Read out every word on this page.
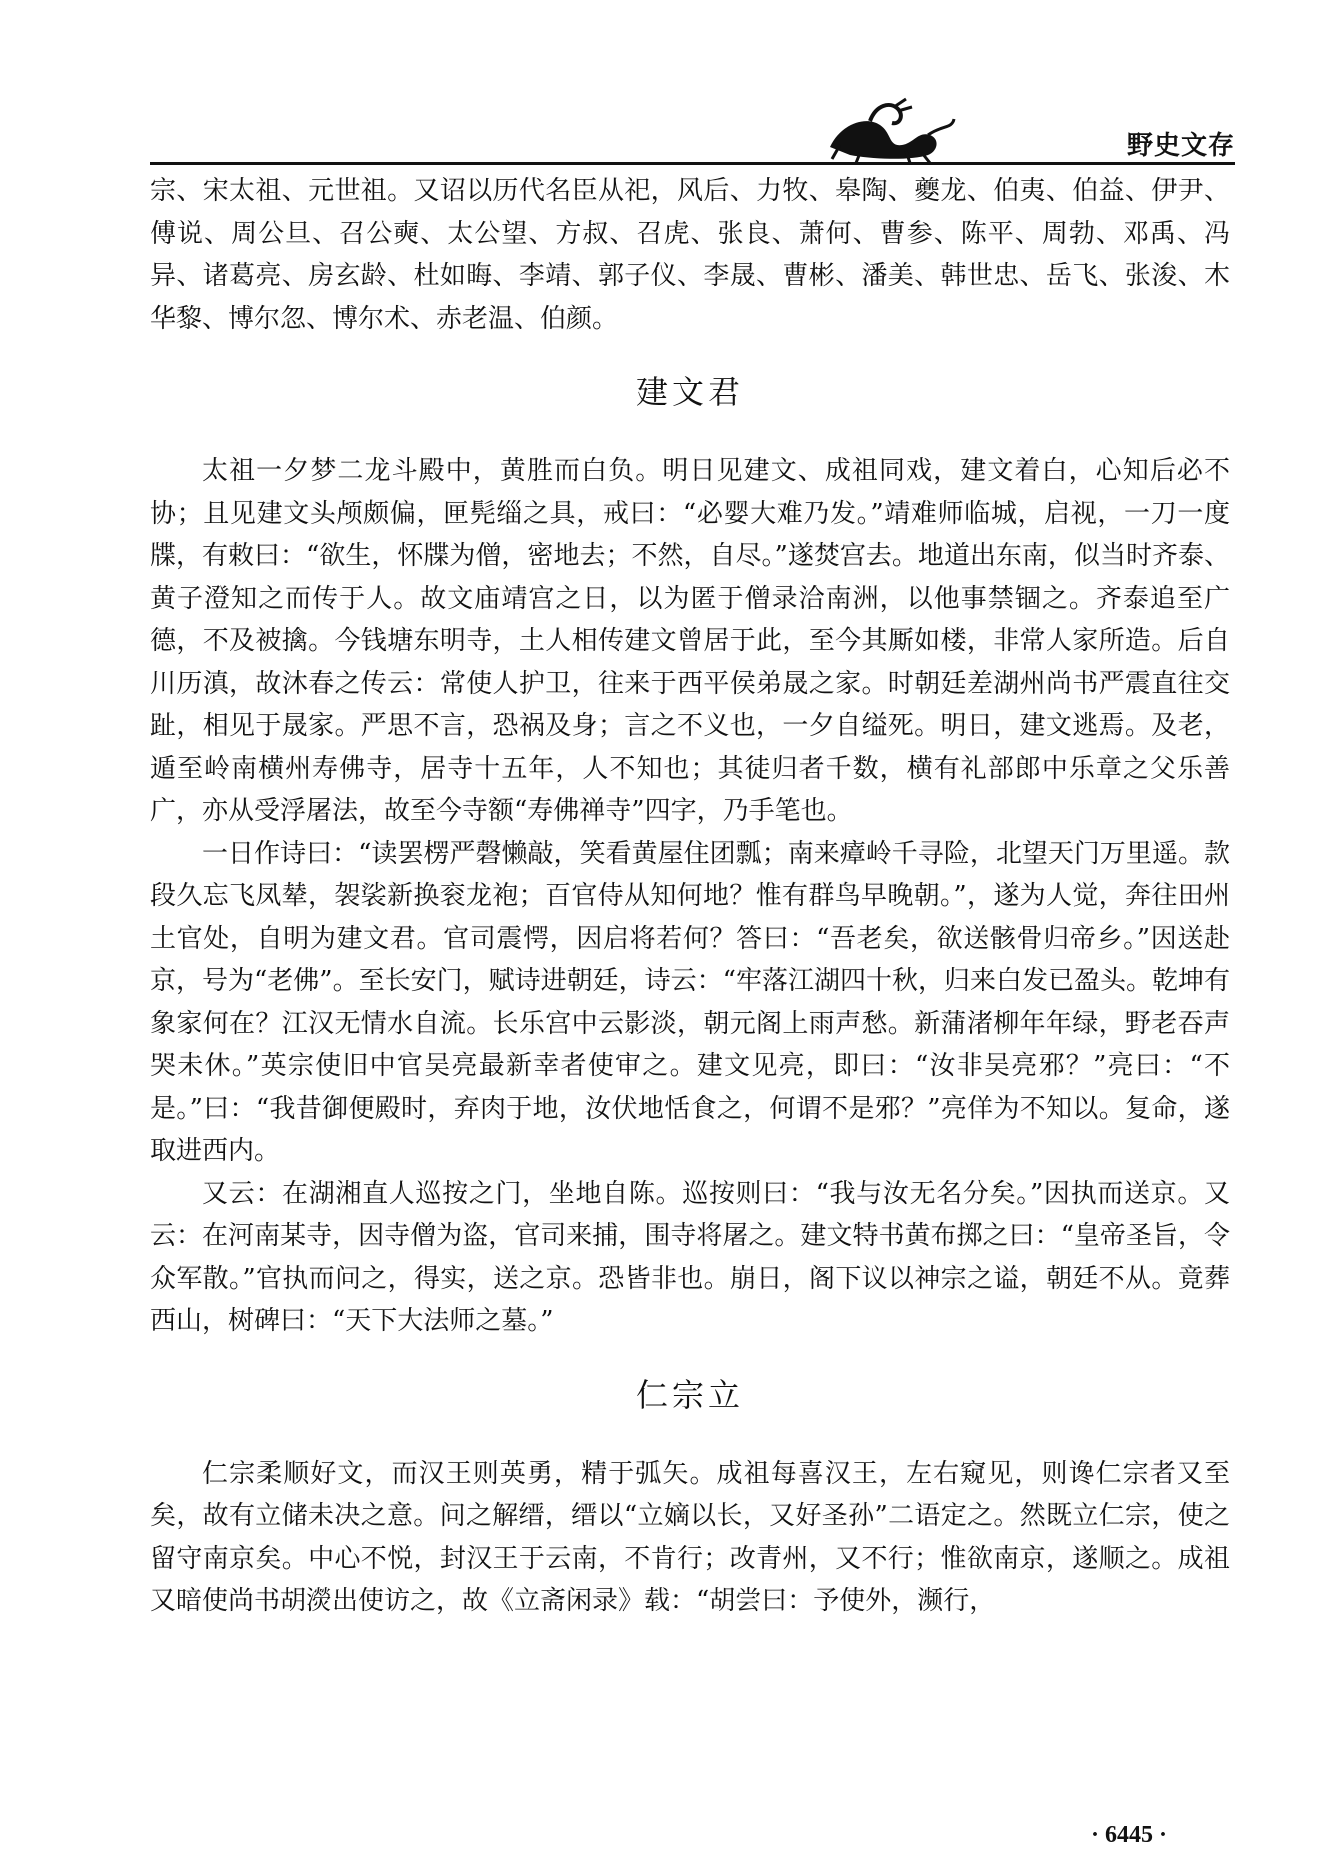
野史文存

宗、宋太祖、元世祖。又诏以历代名臣从祀，风后、力牧、皋陶、夔龙、伯夷、伯益、伊尹、傅说、周公旦、召公奭、太公望、方叔、召虎、张良、萧何、曹参、陈平、周勃、邓禹、冯异、诸葛亮、房玄龄、杜如晦、李靖、郭子仪、李晟、曹彬、潘美、韩世忠、岳飞、张浚、木华黎、博尔忽、博尔术、赤老温、伯颜。

建文君

太祖一夕梦二龙斗殿中，黄胜而白负。明日见建文、成祖同戏，建文着白，心知后必不协；且见建文头颅颇偏，匣髡缁之具，戒曰：“必婴大难乃发。”靖难师临城，启视，一刀一度牒，有敕曰：“欲生，怀牒为僧，密地去；不然，自尽。”遂焚宫去。地道出东南，似当时齐泰、黄子澄知之而传于人。故文庙靖宫之日，以为匿于僧录洽南洲，以他事禁锢之。齐泰追至广德，不及被擒。今钱塘东明寺，土人相传建文曾居于此，至今其厮如楼，非常人家所造。后自川历滇，故沐春之传云：常使人护卫，往来于西平侯弟晟之家。时朝廷差湖州尚书严震直往交趾，相见于晟家。严思不言，恐祸及身；言之不义也，一夕自缢死。明日，建文逃焉。及老，遁至岭南横州寿佛寺，居寺十五年，人不知也；其徒归者千数，横有礼部郎中乐章之父乐善广，亦从受浮屠法，故至今寺额“寿佛禅寺”四字，乃手笔也。

一日作诗曰：“读罢楞严磬懒敲，笑看黄屋住团瓢；南来瘴岭千寻险，北望天门万里遥。款段久忘飞凤辇，袈裟新换衮龙袍；百官侍从知何地？惟有群鸟早晚朝。”，遂为人觉，奔往田州土官处，自明为建文君。官司震愕，因启将若何？答曰：“吾老矣，欲送骸骨归帝乡。”因送赴京，号为“老佛”。至长安门，赋诗进朝廷，诗云：“牢落江湖四十秋，归来白发已盈头。乾坤有象家何在？江汉无情水自流。长乐宫中云影淡，朝元阁上雨声愁。新蒲渚柳年年绿，野老吞声哭未休。”英宗使旧中官吴亮最新幸者使审之。建文见亮，即曰：“汝非吴亮邪？”亮曰：“不是。”曰：“我昔御便殿时，弃肉于地，汝伏地恬食之，何谓不是邪？”亮佯为不知以。复命，遂取进西内。

又云：在湖湘直人巡按之门，坐地自陈。巡按则曰：“我与汝无名分矣。”因执而送京。又云：在河南某寺，因寺僧为盗，官司来捕，围寺将屠之。建文特书黄布掷之曰：“皇帝圣旨，令众军散。”官执而问之，得实，送之京。恐皆非也。崩日，阁下议以神宗之谥，朝廷不从。竟葬西山，树碑曰：“天下大法师之墓。”

仁宗立

仁宗柔顺好文，而汉王则英勇，精于弧矢。成祖每喜汉王，左右窥见，则谗仁宗者又至矣，故有立储未决之意。问之解缙，缙以“立嫡以长，又好圣孙”二语定之。然既立仁宗，使之留守南京矣。中心不悦，封汉王于云南，不肯行；改青州，又不行；惟欲南京，遂顺之。成祖又暗使尚书胡濙出使访之，故《立斋闲录》载：“胡尝曰：予使外，濒行，

· 6445 ·
